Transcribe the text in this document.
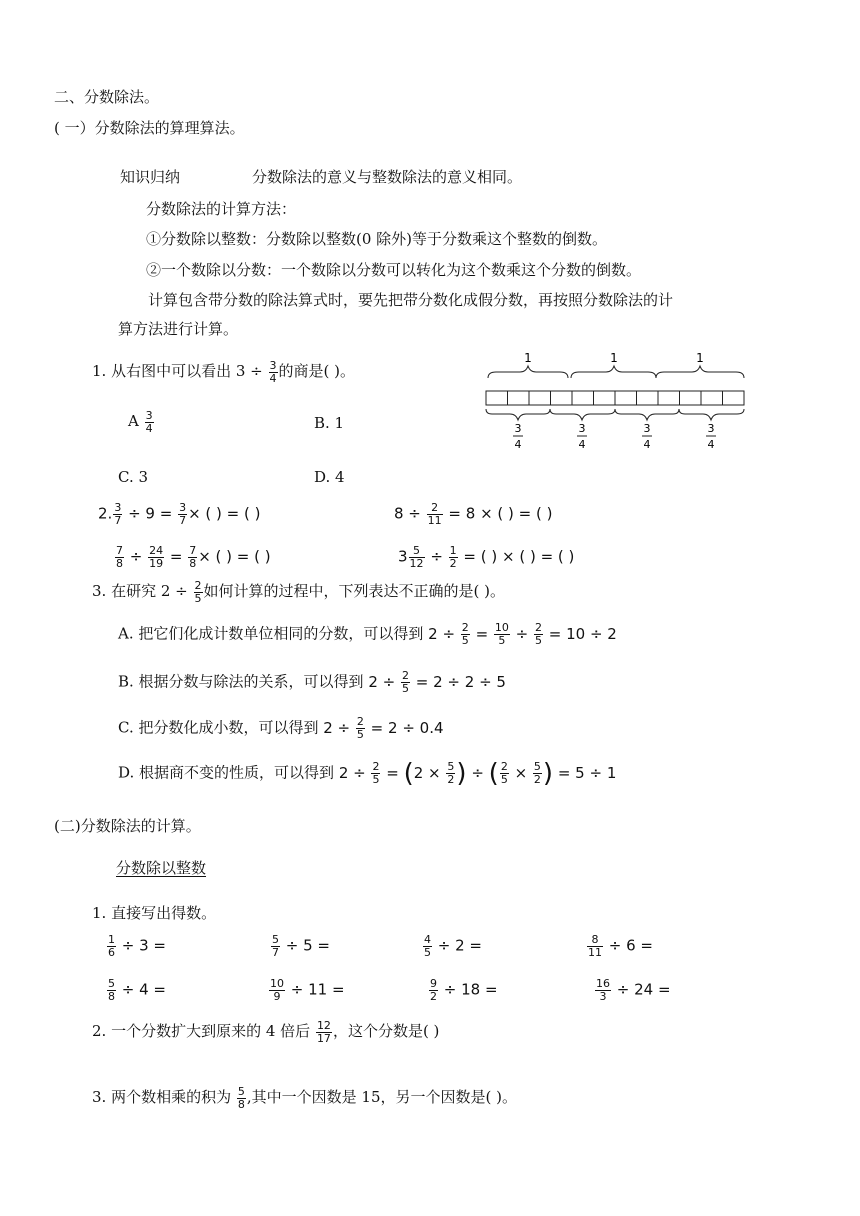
二、分数除法。
( 一）分数除法的算理算法。
知识归纳	分数除法的意义与整数除法的意义相同。
分数除法的计算方法：
①分数除以整数：分数除以整数(0 除外)等于分数乘这个整数的倒数。
②一个数除以分数：一个数除以分数可以转化为这个数乘这个分数的倒数。
计算包含带分数的除法算式时，要先把带分数化成假分数，再按照分数除法的计
算方法进行计算。
1. 从右图中可以看出 $3 \div \frac{3}{4}$ 的商是( )。
A $\frac{3}{4}$	B. 1
C. 3	D. 4
1	1	1
3
4
3
4
3
4
3
4
2. $\frac{3}{7} \div 9 = \frac{3}{7}$ × ( ) = ( )	$8 \div \frac{2}{11} = 8$ × ( ) = ( )
$\frac{7}{8} \div \frac{24}{19} = \frac{7}{8}$ × ( ) = ( )	$3 \frac{5}{12} \div \frac{1}{2}$ = ( ) × ( ) = ( )
3. 在研究 $2 \div \frac{2}{5}$ 如何计算的过程中，下列表达不正确的是( )。
A. 把它们化成计数单位相同的分数，可以得到 $2 \div \frac{2}{5} = \frac{10}{5} \div \frac{2}{5} = 10 \div 2$
B. 根据分数与除法的关系，可以得到 $2 \div \frac{2}{5} = 2 \div 2 \div 5$
C. 把分数化成小数，可以得到 $2 \div \frac{2}{5} = 2 \div 0.4$
D. 根据商不变的性质，可以得到 $2 \div \frac{2}{5} = (2 \times \frac{5}{2}$ ) ÷ ( $\frac{2}{5} \times \frac{5}{2}$ ) = 5 ÷ 1
(二)分数除法的计算。
分数除以整数
1. 直接写出得数。
$\frac{1}{6} \div 3$ =	$\frac{5}{7} \div 5$ =	$\frac{4}{5} \div 2$ =	$\frac{8}{11} \div 6$ =
$\frac{5}{8} \div 4$ =	$\frac{10}{9} \div 11$ =	$\frac{9}{2} \div 18$ =	$\frac{16}{3} \div 24$ =
2. 一个分数扩大到原来的 4 倍后 $\frac{12}{17}$ ，这个分数是( )
3. 两个数相乘的积为 $\frac{5}{8}$ ,其中一个因数是 15，另一个因数是( )。
